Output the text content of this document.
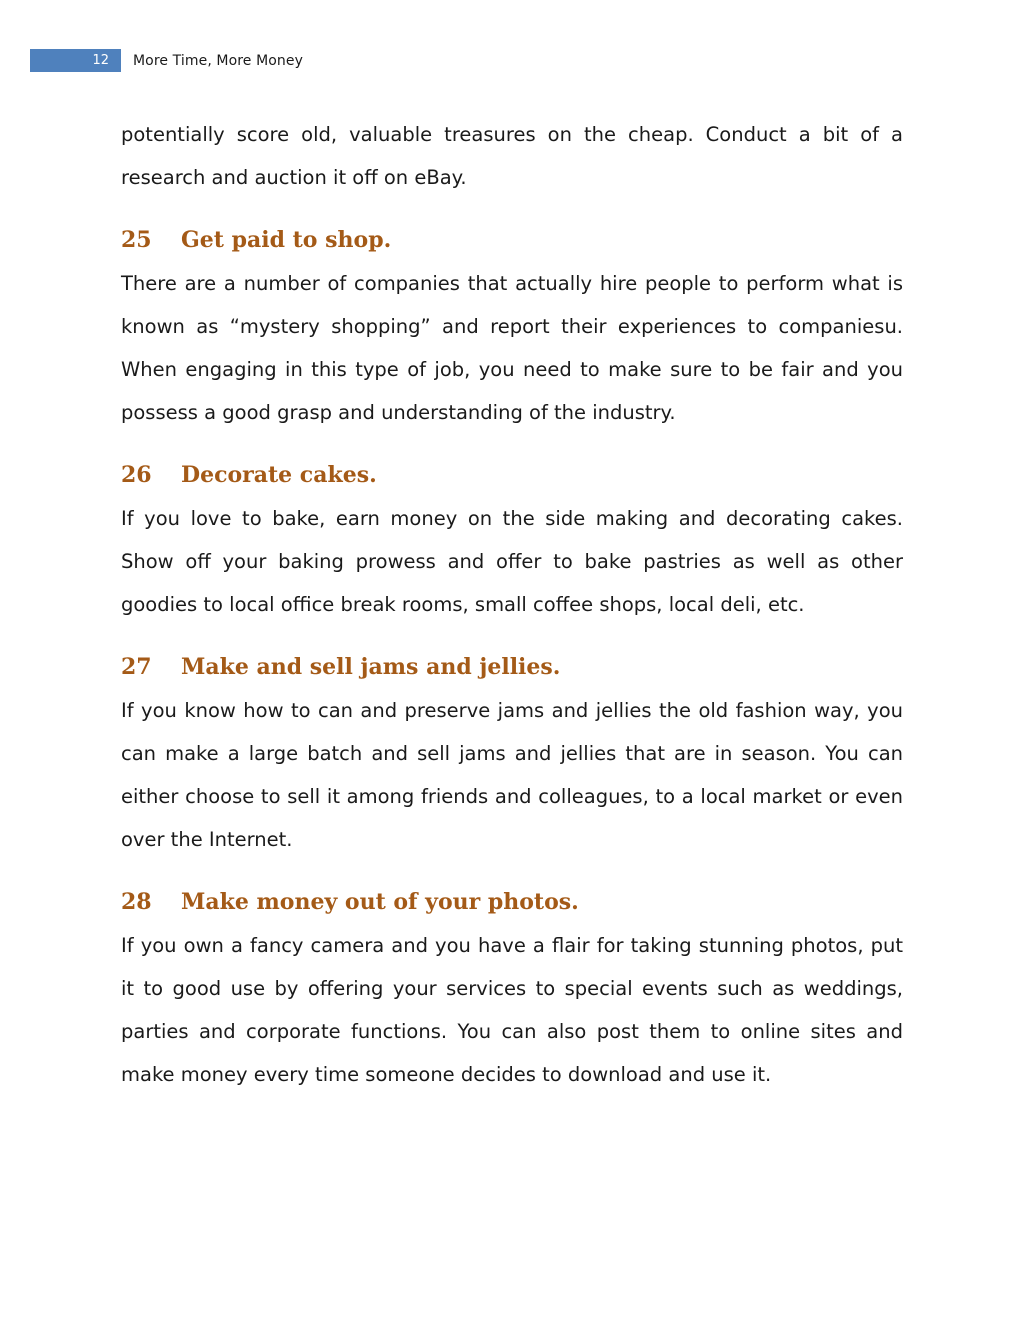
12 More Time, More Money

potentially score old, valuable treasures on the cheap. Conduct a bit of a research and auction it off on eBay.

25	Get paid to shop.

There are a number of companies that actually hire people to perform what is known as “mystery shopping” and report their experiences to companiesu. When engaging in this type of job, you need to make sure to be fair and you possess a good grasp and understanding of the industry.

26	Decorate cakes.

If you love to bake, earn money on the side making and decorating cakes. Show off your baking prowess and offer to bake pastries as well as other goodies to local office break rooms, small coffee shops, local deli, etc.

27	Make and sell jams and jellies.

If you know how to can and preserve jams and jellies the old fashion way, you can make a large batch and sell jams and jellies that are in season. You can either choose to sell it among friends and colleagues, to a local market or even over the Internet.

28	Make money out of your photos.

If you own a fancy camera and you have a flair for taking stunning photos, put it to good use by offering your services to special events such as weddings, parties and corporate functions. You can also post them to online sites and make money every time someone decides to download and use it.
